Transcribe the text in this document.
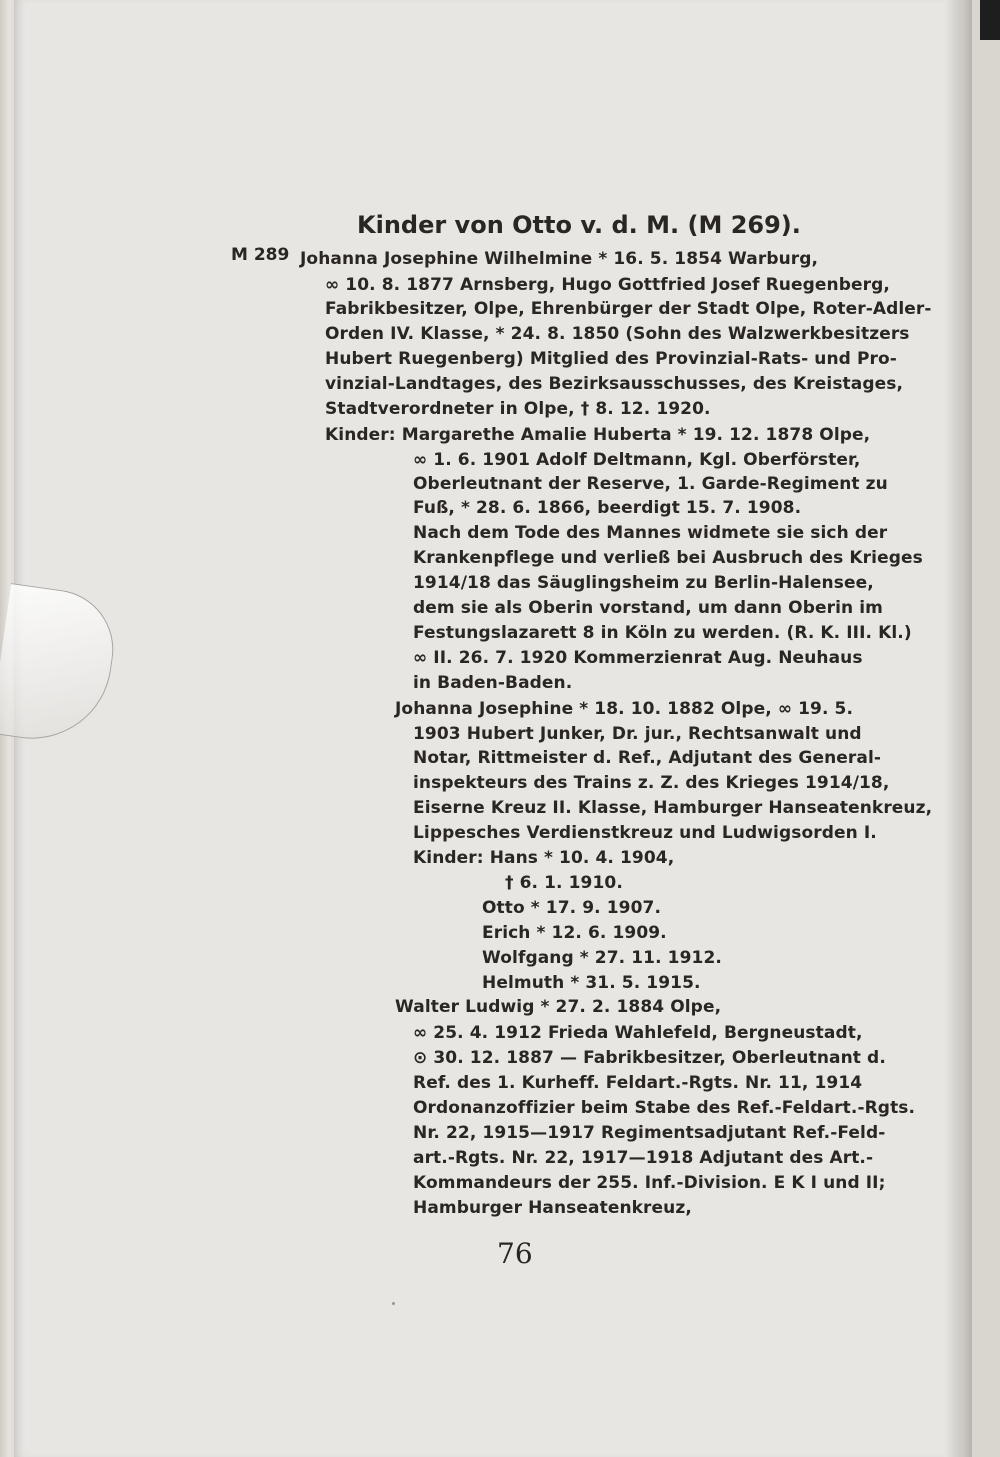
Kinder von Otto v. d. M. (M 269).
M 289 Johanna Josephine Wilhelmine * 16. 5. 1854 Warburg,
∞ 10. 8. 1877 Arnsberg, Hugo Gottfried Josef Ruegenberg,
Fabrikbesitzer, Olpe, Ehrenbürger der Stadt Olpe, Roter-Adler-
Orden IV. Klasse, * 24. 8. 1850 (Sohn des Walzwerkbesitzers
Hubert Ruegenberg) Mitglied des Provinzial-Rats- und Pro-
vinzial-Landtages, des Bezirksausschusses, des Kreistages,
Stadtverordneter in Olpe, † 8. 12. 1920.
Kinder: Margarethe Amalie Huberta * 19. 12. 1878 Olpe,
∞ 1. 6. 1901 Adolf Deltmann, Kgl. Oberförster,
Oberleutnant der Reserve, 1. Garde-Regiment zu
Fuß, * 28. 6. 1866, beerdigt 15. 7. 1908.
Nach dem Tode des Mannes widmete sie sich der
Krankenpflege und verließ bei Ausbruch des Krieges
1914/18 das Säuglingsheim zu Berlin-Halensee,
dem sie als Oberin vorstand, um dann Oberin im
Festungslazarett 8 in Köln zu werden. (R. K. III. Kl.)
∞ II. 26. 7. 1920 Kommerzienrat Aug. Neuhaus
in Baden-Baden.
Johanna Josephine * 18. 10. 1882 Olpe, ∞ 19. 5.
1903 Hubert Junker, Dr. jur., Rechtsanwalt und
Notar, Rittmeister d. Ref., Adjutant des General-
inspekteurs des Trains z. Z. des Krieges 1914/18,
Eiserne Kreuz II. Klasse, Hamburger Hanseatenkreuz,
Lippesches Verdienstkreuz und Ludwigsorden I.
Kinder: Hans * 10. 4. 1904,
† 6. 1. 1910.
Otto * 17. 9. 1907.
Erich * 12. 6. 1909.
Wolfgang * 27. 11. 1912.
Helmuth * 31. 5. 1915.
Walter Ludwig * 27. 2. 1884 Olpe,
∞ 25. 4. 1912 Frieda Wahlefeld, Bergneustadt,
⊙ 30. 12. 1887 — Fabrikbesitzer, Oberleutnant d.
Ref. des 1. Kurheff. Feldart.-Rgts. Nr. 11, 1914
Ordonanzoffizier beim Stabe des Ref.-Feldart.-Rgts.
Nr. 22, 1915—1917 Regimentsadjutant Ref.-Feld-
art.-Rgts. Nr. 22, 1917—1918 Adjutant des Art.-
Kommandeurs der 255. Inf.-Division. E K I und II;
Hamburger Hanseatenkreuz,
76
